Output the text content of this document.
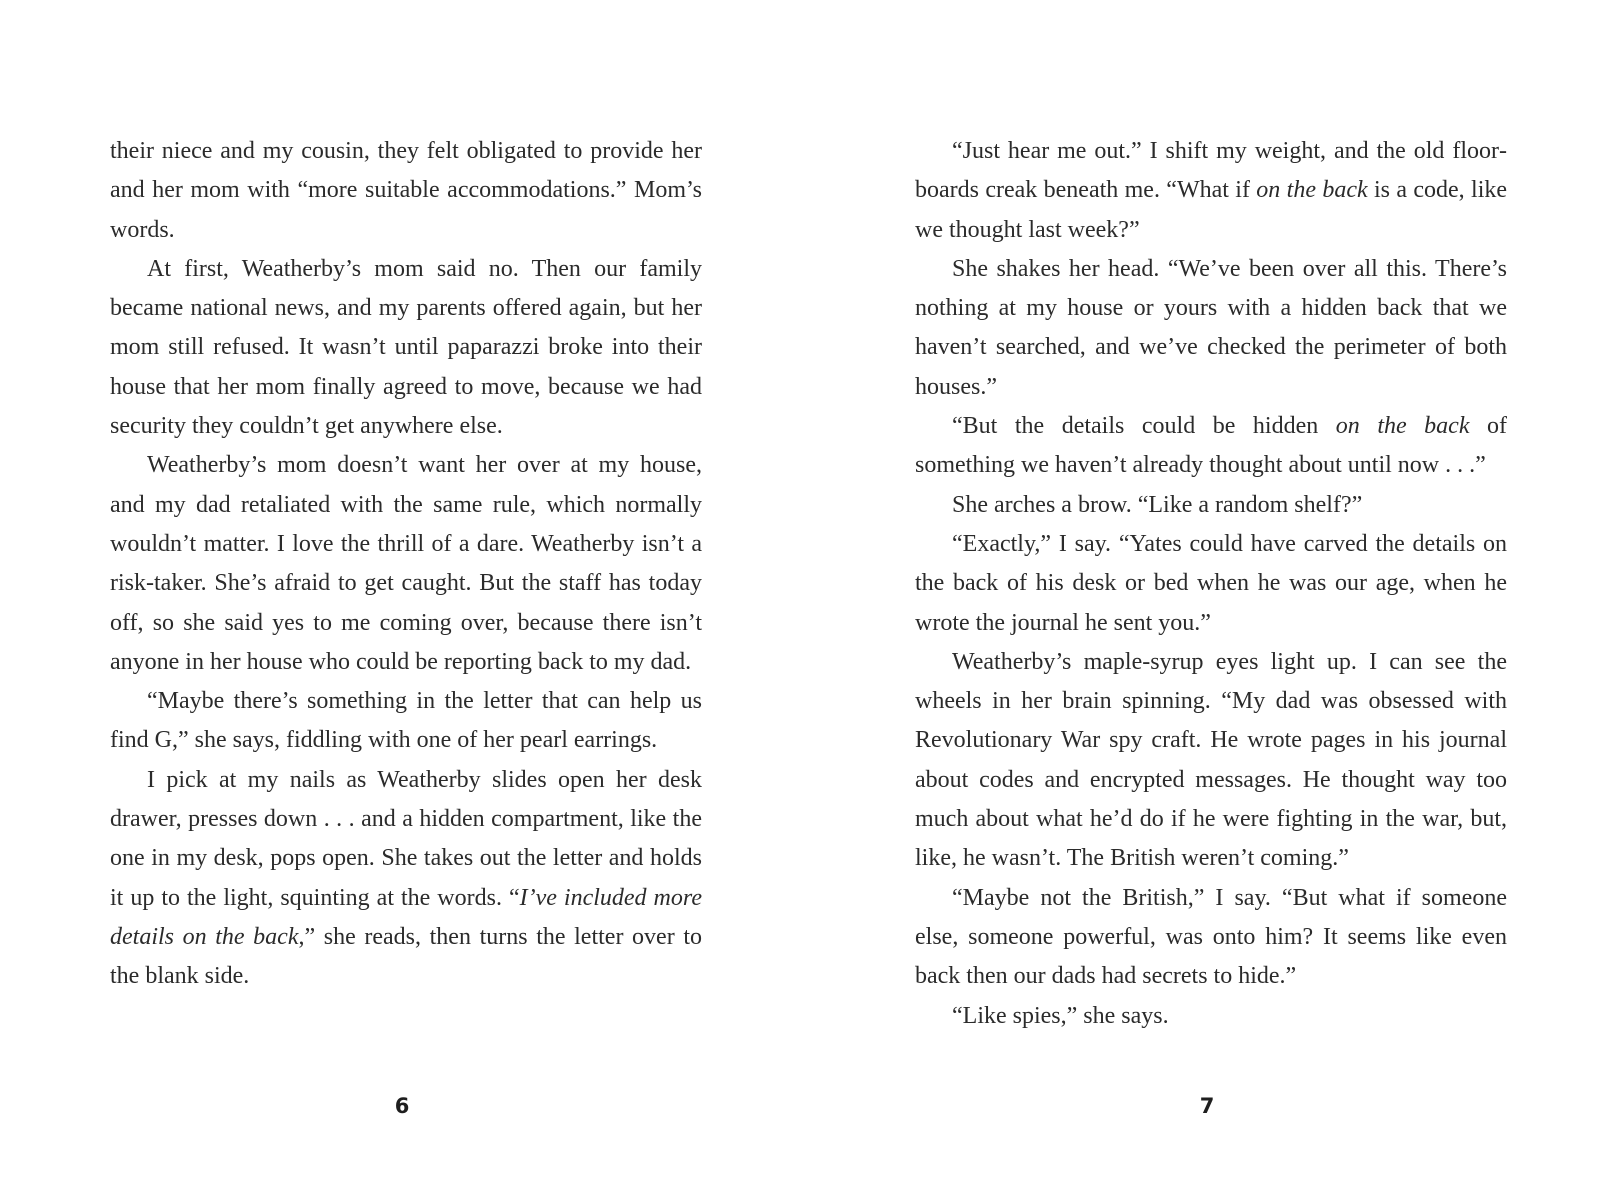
their niece and my cousin, they felt obligated to provide her and her mom with “more suitable accommodations.” Mom’s words.

At first, Weatherby’s mom said no. Then our family became national news, and my parents offered again, but her mom still refused. It wasn’t until paparazzi broke into their house that her mom finally agreed to move, because we had security they couldn’t get anywhere else.

Weatherby’s mom doesn’t want her over at my house, and my dad retaliated with the same rule, which normally wouldn’t matter. I love the thrill of a dare. Weatherby isn’t a risk-taker. She’s afraid to get caught. But the staff has today off, so she said yes to me coming over, because there isn’t anyone in her house who could be reporting back to my dad.

“Maybe there’s something in the letter that can help us find G,” she says, fiddling with one of her pearl earrings.

I pick at my nails as Weatherby slides open her desk drawer, presses down . . . and a hidden compartment, like the one in my desk, pops open. She takes out the letter and holds it up to the light, squinting at the words. “I’ve included more details on the back,” she reads, then turns the letter over to the blank side.

“Just hear me out.” I shift my weight, and the old floorboards creak beneath me. “What if on the back is a code, like we thought last week?”

She shakes her head. “We’ve been over all this. There’s nothing at my house or yours with a hidden back that we haven’t searched, and we’ve checked the perimeter of both houses.”

“But the details could be hidden on the back of something we haven’t already thought about until now . . .”

She arches a brow. “Like a random shelf?”

“Exactly,” I say. “Yates could have carved the details on the back of his desk or bed when he was our age, when he wrote the journal he sent you.”

Weatherby’s maple-syrup eyes light up. I can see the wheels in her brain spinning. “My dad was obsessed with Revolutionary War spy craft. He wrote pages in his journal about codes and encrypted messages. He thought way too much about what he’d do if he were fighting in the war, but, like, he wasn’t. The British weren’t coming.”

“Maybe not the British,” I say. “But what if someone else, someone powerful, was onto him? It seems like even back then our dads had secrets to hide.”

“Like spies,” she says.

6	7
